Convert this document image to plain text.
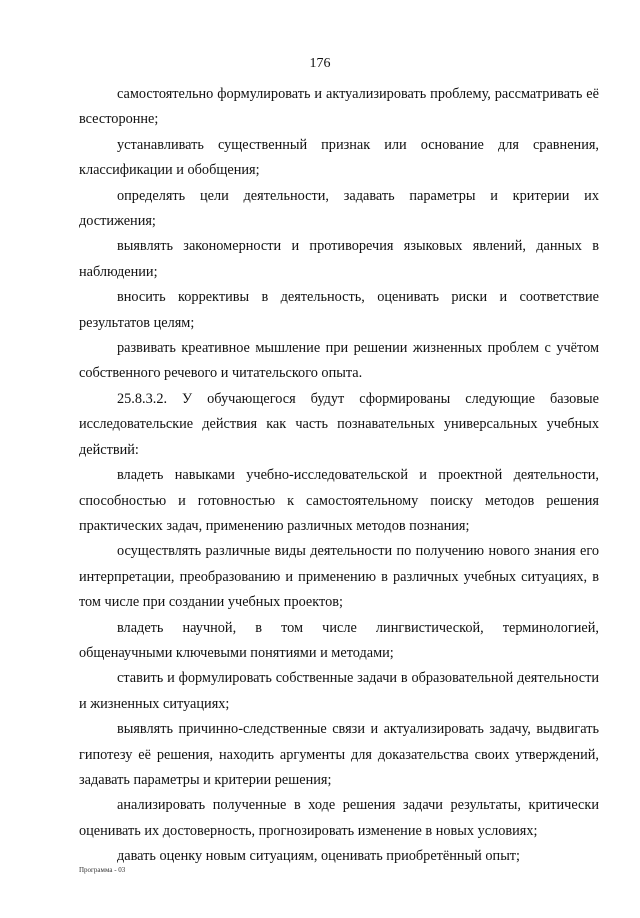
176

самостоятельно формулировать и актуализировать проблему, рассматривать её всесторонне;

устанавливать существенный признак или основание для сравнения, классификации и обобщения;

определять цели деятельности, задавать параметры и критерии их достижения;

выявлять закономерности и противоречия языковых явлений, данных в наблюдении;

вносить коррективы в деятельность, оценивать риски и соответствие результатов целям;

развивать креативное мышление при решении жизненных проблем с учётом собственного речевого и читательского опыта.

25.8.3.2. У обучающегося будут сформированы следующие базовые исследовательские действия как часть познавательных универсальных учебных действий:

владеть навыками учебно-исследовательской и проектной деятельности, способностью и готовностью к самостоятельному поиску методов решения практических задач, применению различных методов познания;

осуществлять различные виды деятельности по получению нового знания его интерпретации, преобразованию и применению в различных учебных ситуациях, в том числе при создании учебных проектов;

владеть научной, в том числе лингвистической, терминологией, общенаучными ключевыми понятиями и методами;

ставить и формулировать собственные задачи в образовательной деятельности и жизненных ситуациях;

выявлять причинно-следственные связи и актуализировать задачу, выдвигать гипотезу её решения, находить аргументы для доказательства своих утверждений, задавать параметры и критерии решения;

анализировать полученные в ходе решения задачи результаты, критически оценивать их достоверность, прогнозировать изменение в новых условиях;

давать оценку новым ситуациям, оценивать приобретённый опыт;

Программа - 03
